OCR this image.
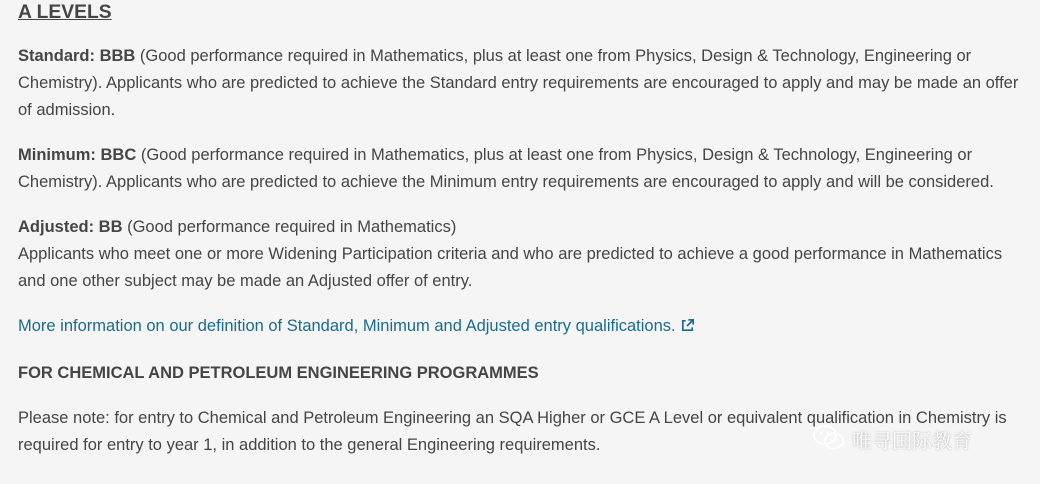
A LEVELS

Standard: BBB (Good performance required in Mathematics, plus at least one from Physics, Design & Technology, Engineering or Chemistry). Applicants who are predicted to achieve the Standard entry requirements are encouraged to apply and may be made an offer of admission.

Minimum: BBC (Good performance required in Mathematics, plus at least one from Physics, Design & Technology, Engineering or Chemistry). Applicants who are predicted to achieve the Minimum entry requirements are encouraged to apply and will be considered.

Adjusted: BB (Good performance required in Mathematics)

Applicants who meet one or more Widening Participation criteria and who are predicted to achieve a good performance in Mathematics and one other subject may be made an Adjusted offer of entry.

More information on our definition of Standard, Minimum and Adjusted entry qualifications.

FOR CHEMICAL AND PETROLEUM ENGINEERING PROGRAMMES

Please note: for entry to Chemical and Petroleum Engineering an SQA Higher or GCE A Level or equivalent qualification in Chemistry is required for entry to year 1, in addition to the general Engineering requirements.	唯寻国际教育
